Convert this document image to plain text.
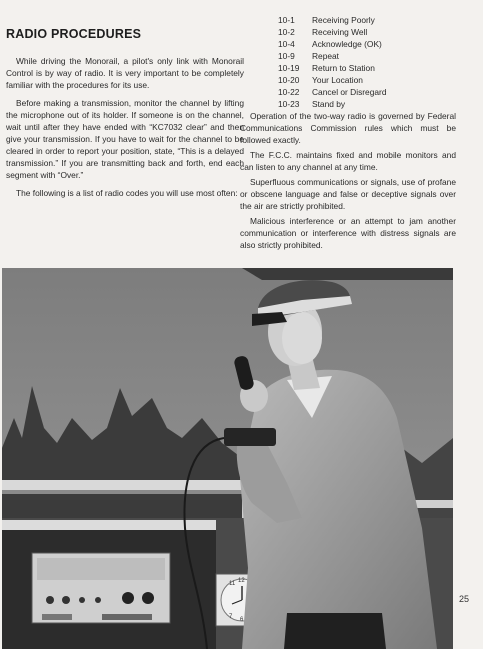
RADIO PROCEDURES

While driving the Monorail, a pilot's only link with Monorail Control is by way of radio. It is very important to be completely familiar with the procedures for its use.

Before making a transmission, monitor the channel by lifting the microphone out of its holder. If someone is on the channel, wait until after they have ended with “KC7032 clear” and then give your transmission. If you have to wait for the channel to be cleared in order to report your position, state, “This is a delayed transmission.” If you are transmitting back and forth, end each segment with “Over.”

The following is a list of radio codes you will use most often:

10-1	Receiving Poorly
10-2	Receiving Well
10-4	Acknowledge (OK)
10-9	Repeat
10-19	Return to Station
10-20	Your Location
10-22	Cancel or Disregard
10-23	Stand by

Operation of the two-way radio is governed by Federal Communications Commission rules which must be followed exactly.

The F.C.C. maintains fixed and mobile monitors and can listen to any channel at any time.

Superfluous communications or signals, use of profane or obscene language and false or deceptive signals over the air are strictly prohibited.

Malicious interference or an attempt to jam another communication or interference with distress signals are also strictly prohibited.

11 12
7 6
25
